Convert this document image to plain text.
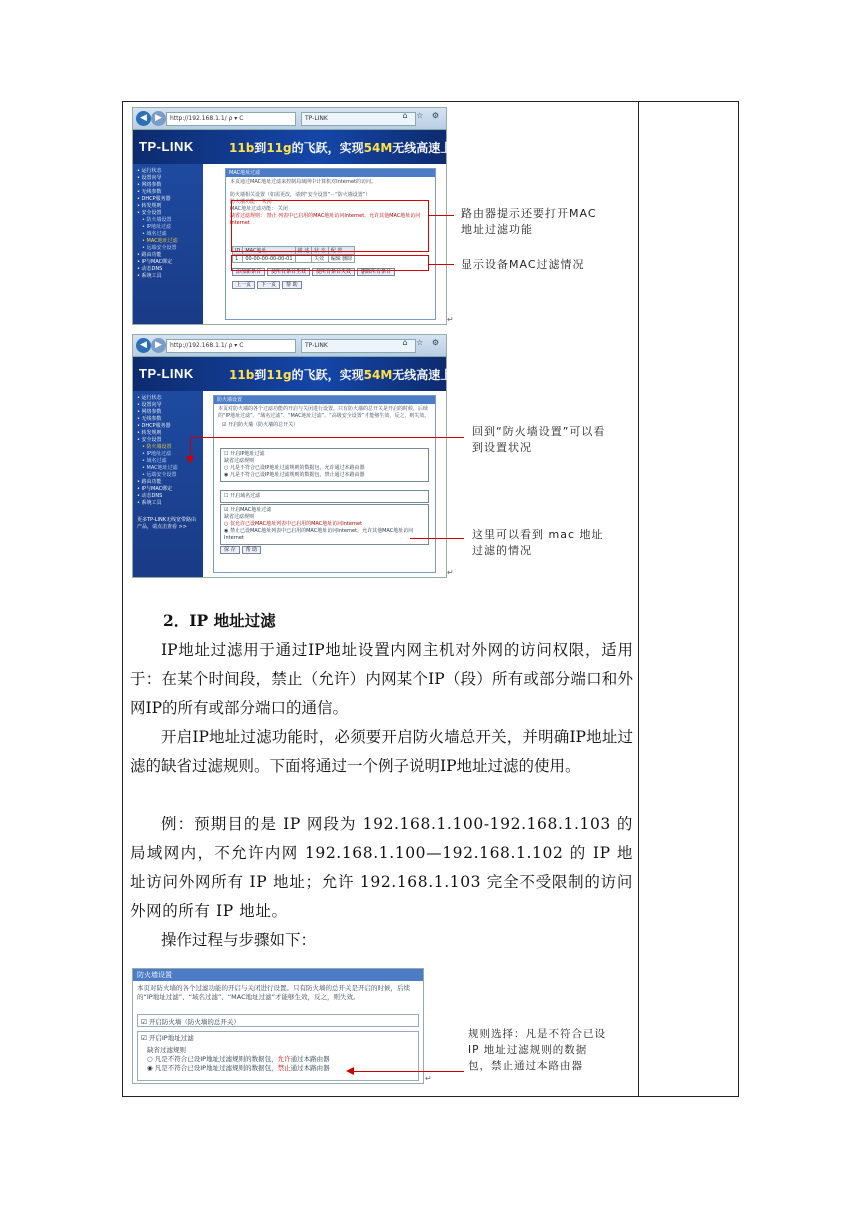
◀ ▶	http://192.168.1.1/ ρ ▾ C	TP-LINK	⌂ ☆ ⚙
TP-LINK	11b到11g的飞跃，实现54M无线高速上网
• 运行状态
• 设置向导
• 网络参数
• 无线参数
• DHCP服务器
• 转发规则
• 安全设置
• 防火墙设置
• IP地址过滤
• 域名过滤
• MAC地址过滤
• 远端安全设置
• 路由功能
• IP与MAC绑定
• 动态DNS
• 系统工具
MAC地址过滤
本页通过MAC地址过滤来控制局域网中计算机对Internet的访问。
防火墙相关设置（如需更改，请到“安全设置”－“防火墙设置”）
防火墙功能： 关闭
MAC地址过滤功能： 关闭
缺省过滤规则： 禁止 列表中已启用的MAC地址访问Internet，允许其他MAC地址访问Internet
ID	MAC地址	描 述	状 态	配 置
1	00-00-00-00-00-01		失效	编辑 删除
添加新条目 使所有条目生效 使所有条目失效 删除所有条目
上一页 下一页 帮 助
路由器提示还要打开MAC地址过滤功能
显示设备MAC过滤情况
↵
◀ ▶	http://192.168.1.1/ ρ ▾ C	TP-LINK	⌂ ☆ ⚙
TP-LINK	11b到11g的飞跃，实现54M无线高速上网
• 运行状态
• 设置向导
• 网络参数
• 无线参数
• DHCP服务器
• 转发规则
• 安全设置
• 防火墙设置
• IP地址过滤
• 域名过滤
• MAC地址过滤
• 远端安全设置
• 路由功能
• IP与MAC绑定
• 动态DNS
• 系统工具
更多TP-LINK无线宽带路由产品，请点击查看 >>
防火墙设置
本页对防火墙的各个过滤功能的开启与关闭进行设置。只有防火墙的总开关是开启的时候，后续的“IP地址过滤”、“域名过滤”、“MAC地址过滤”、“高级安全设置”才能够生效，反之，则失效。
☑ 开启防火墙（防火墙的总开关）
☐ 开启IP地址过滤
缺省过滤规则
○ 凡是不符合已设IP地址过滤规则的数据包，允许通过本路由器
◉ 凡是不符合已设IP地址过滤规则的数据包，禁止通过本路由器
☐ 开启域名过滤
☑ 开启MAC地址过滤
缺省过滤规则
○ 仅允许已设MAC地址列表中已启用的MAC地址访问Internet
◉ 禁止已设MAC地址列表中已启用的MAC地址访问Internet，允许其他MAC地址访问Internet
保 存 帮 助
回到“防火墙设置”可以看到设置状况
这里可以看到 mac 地址过滤的情况
↵
2．IP 地址过滤
IP地址过滤用于通过IP地址设置内网主机对外网的访问权限，适用于：在某个时间段，禁止（允许）内网某个IP（段）所有或部分端口和外网IP的所有或部分端口的通信。
开启IP地址过滤功能时，必须要开启防火墙总开关，并明确IP地址过滤的缺省过滤规则。下面将通过一个例子说明IP地址过滤的使用。
例：预期目的是 IP 网段为 192.168.1.100-192.168.1.103 的局域网内，不允许内网 192.168.1.100—192.168.1.102 的 IP 地址访问外网所有 IP 地址；允许 192.168.1.103 完全不受限制的访问外网的所有 IP 地址。
操作过程与步骤如下：
防火墙设置
本页对防火墙的各个过滤功能的开启与关闭进行设置。只有防火墙的总开关是开启的时候，后续的“IP地址过滤”、“域名过滤”、“MAC地址过滤”才能够生效，反之，则失效。
☑ 开启防火墙（防火墙的总开关）
☑ 开启IP地址过滤
缺省过滤规则
○ 凡是不符合已设IP地址过滤规则的数据包，允许通过本路由器
◉ 凡是不符合已设IP地址过滤规则的数据包，禁止通过本路由器
规则选择：凡是不符合已设 IP 地址过滤规则的数据包，禁止通过本路由器
↵
